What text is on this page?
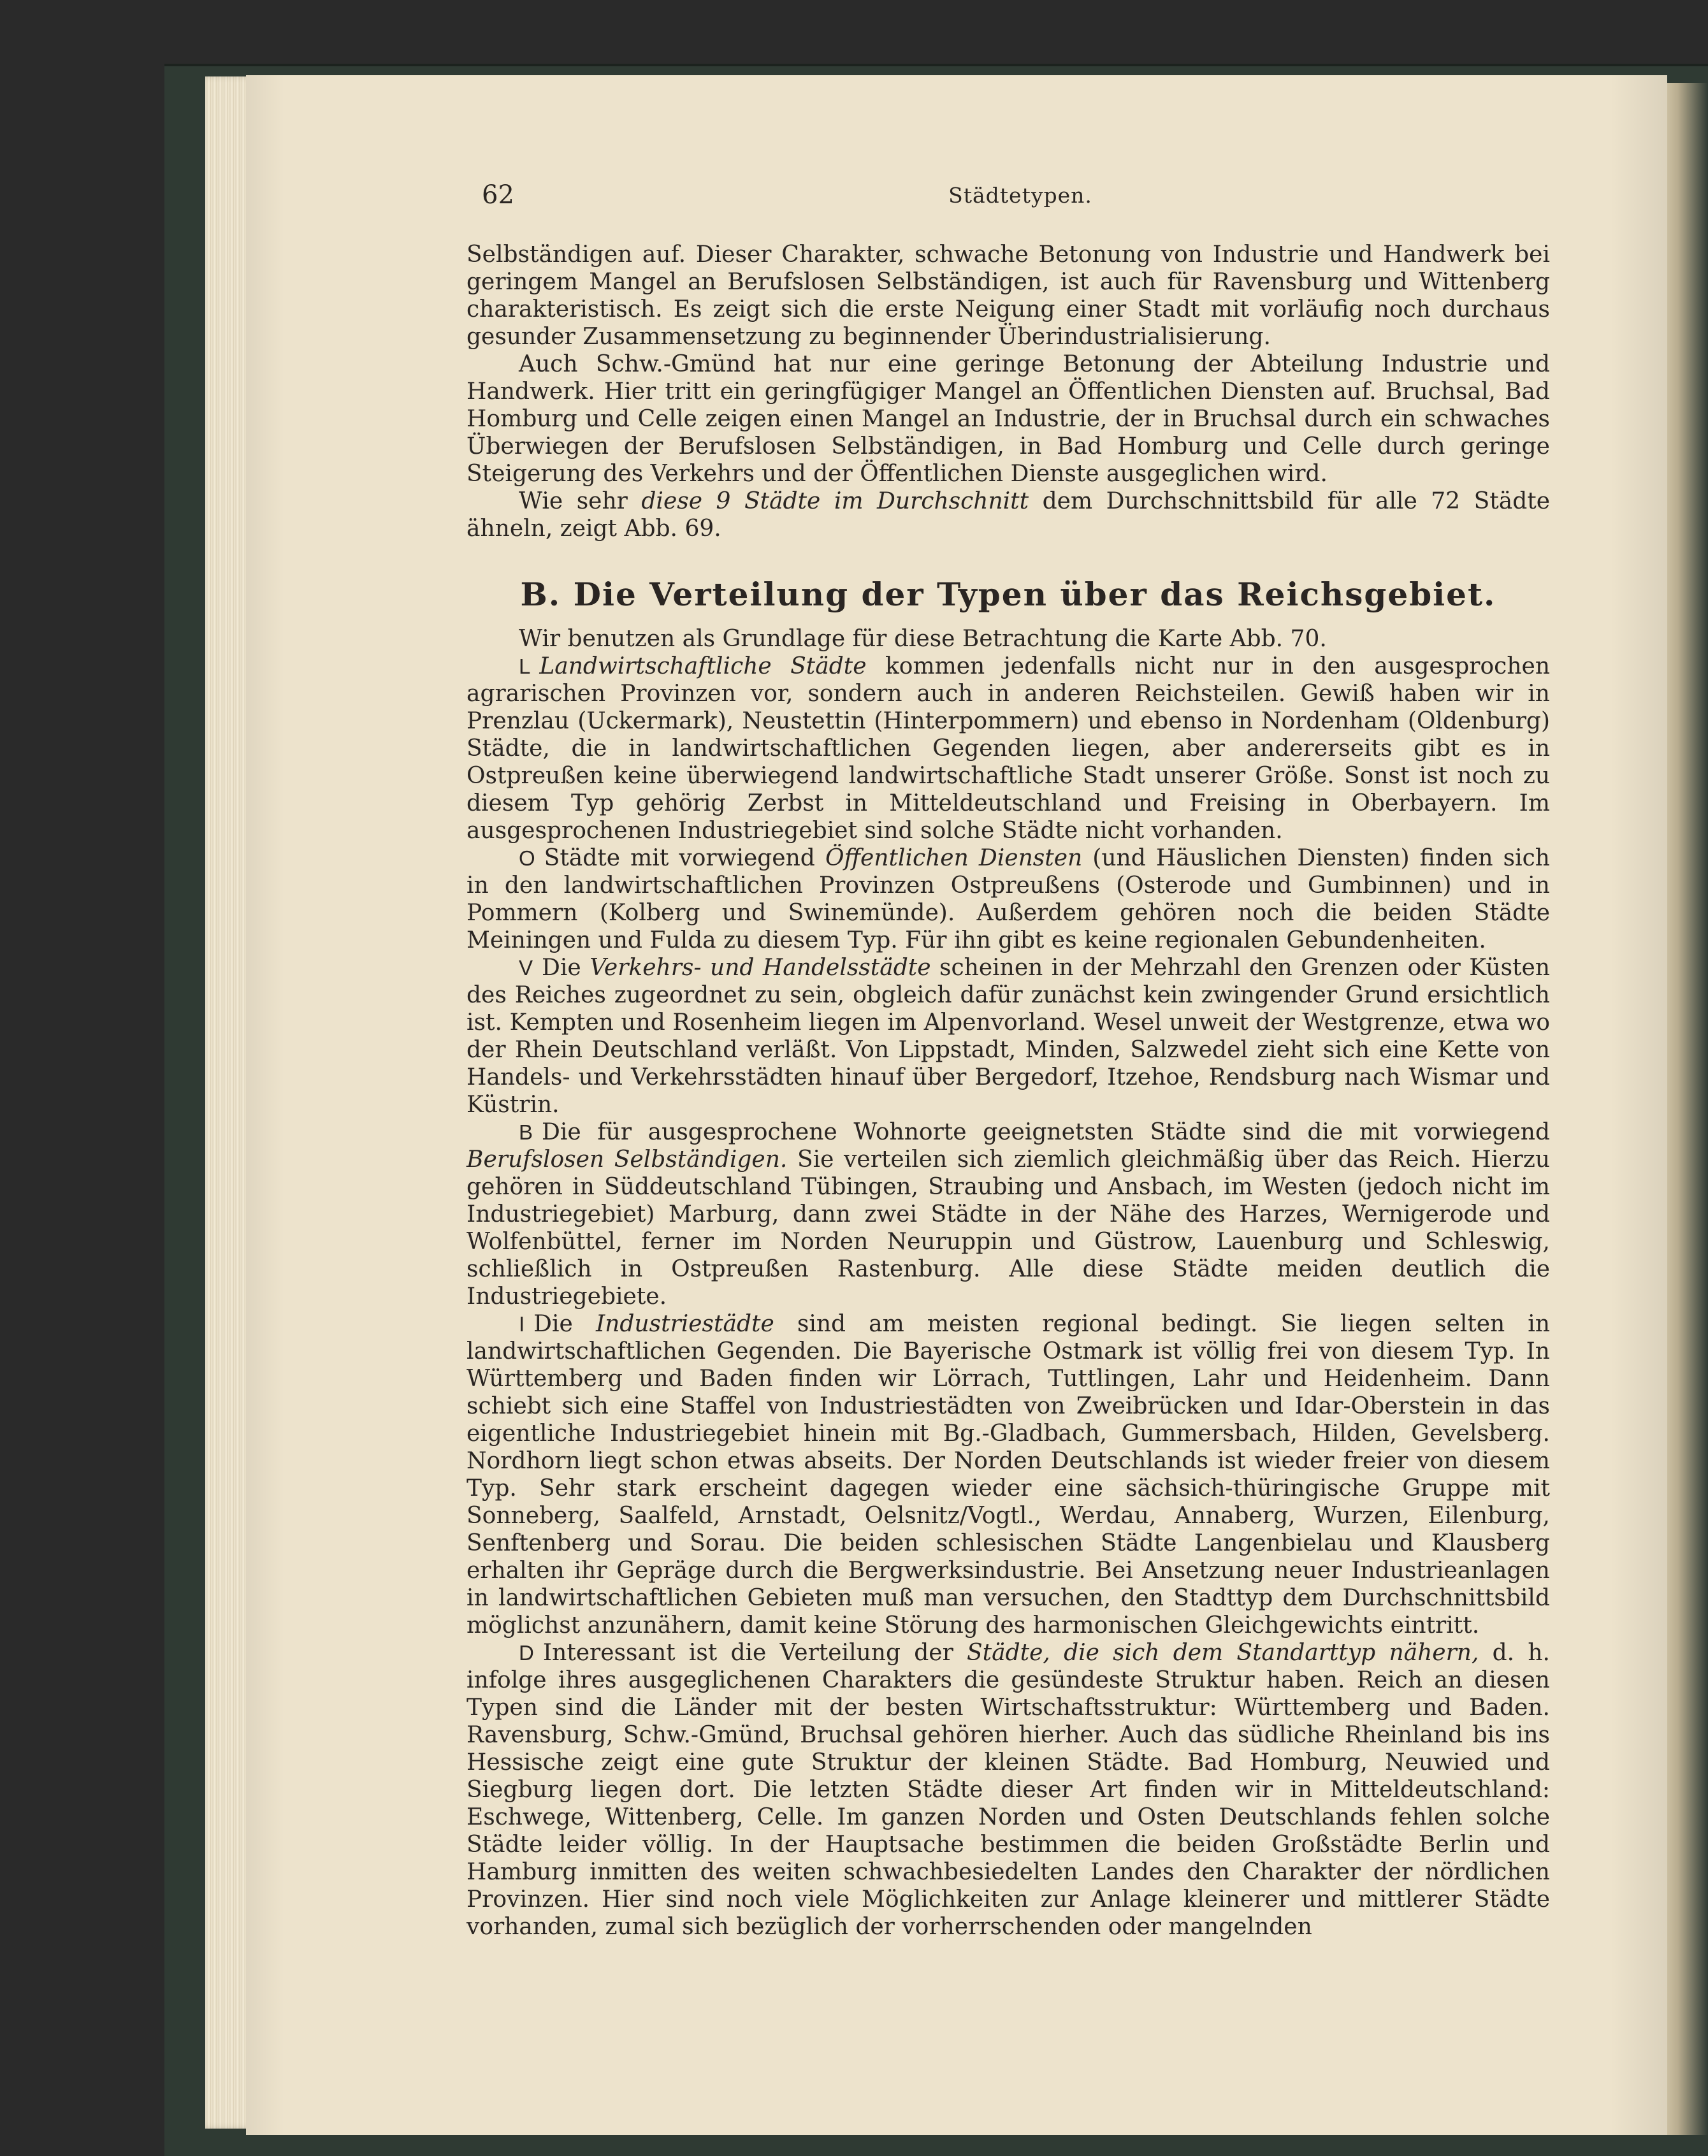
62	Städtetypen.

Selbständigen auf. Dieser Charakter, schwache Betonung von Industrie und Handwerk bei geringem Mangel an Berufslosen Selbständigen, ist auch für Ravensburg und Wittenberg charakteristisch. Es zeigt sich die erste Neigung einer Stadt mit vorläufig noch durchaus gesunder Zusammensetzung zu beginnender Überindustrialisierung.

Auch Schw.-Gmünd hat nur eine geringe Betonung der Abteilung Industrie und Handwerk. Hier tritt ein geringfügiger Mangel an Öffentlichen Diensten auf. Bruchsal, Bad Homburg und Celle zeigen einen Mangel an Industrie, der in Bruchsal durch ein schwaches Überwiegen der Berufslosen Selbständigen, in Bad Homburg und Celle durch geringe Steigerung des Verkehrs und der Öffentlichen Dienste ausgeglichen wird.

Wie sehr diese 9 Städte im Durchschnitt dem Durchschnittsbild für alle 72 Städte ähneln, zeigt Abb. 69.

B. Die Verteilung der Typen über das Reichsgebiet.

Wir benutzen als Grundlage für diese Betrachtung die Karte Abb. 70.

L Landwirtschaftliche Städte kommen jedenfalls nicht nur in den ausgesprochen agrarischen Provinzen vor, sondern auch in anderen Reichsteilen. Gewiß haben wir in Prenzlau (Uckermark), Neustettin (Hinterpommern) und ebenso in Nordenham (Oldenburg) Städte, die in landwirtschaftlichen Gegenden liegen, aber andererseits gibt es in Ostpreußen keine überwiegend landwirtschaftliche Stadt unserer Größe. Sonst ist noch zu diesem Typ gehörig Zerbst in Mitteldeutschland und Freising in Oberbayern. Im ausgesprochenen Industriegebiet sind solche Städte nicht vorhanden.

O Städte mit vorwiegend Öffentlichen Diensten (und Häuslichen Diensten) finden sich in den landwirtschaftlichen Provinzen Ostpreußens (Osterode und Gumbinnen) und in Pommern (Kolberg und Swinemünde). Außerdem gehören noch die beiden Städte Meiningen und Fulda zu diesem Typ. Für ihn gibt es keine regionalen Gebundenheiten.

V Die Verkehrs- und Handelsstädte scheinen in der Mehrzahl den Grenzen oder Küsten des Reiches zugeordnet zu sein, obgleich dafür zunächst kein zwingender Grund ersichtlich ist. Kempten und Rosenheim liegen im Alpenvorland. Wesel unweit der Westgrenze, etwa wo der Rhein Deutschland verläßt. Von Lippstadt, Minden, Salzwedel zieht sich eine Kette von Handels- und Verkehrsstädten hinauf über Bergedorf, Itzehoe, Rendsburg nach Wismar und Küstrin.

B Die für ausgesprochene Wohnorte geeignetsten Städte sind die mit vorwiegend Berufslosen Selbständigen. Sie verteilen sich ziemlich gleichmäßig über das Reich. Hierzu gehören in Süddeutschland Tübingen, Straubing und Ansbach, im Westen (jedoch nicht im Industriegebiet) Marburg, dann zwei Städte in der Nähe des Harzes, Wernigerode und Wolfenbüttel, ferner im Norden Neuruppin und Güstrow, Lauenburg und Schleswig, schließlich in Ostpreußen Rastenburg. Alle diese Städte meiden deutlich die Industriegebiete.

I Die Industriestädte sind am meisten regional bedingt. Sie liegen selten in landwirtschaftlichen Gegenden. Die Bayerische Ostmark ist völlig frei von diesem Typ. In Württemberg und Baden finden wir Lörrach, Tuttlingen, Lahr und Heidenheim. Dann schiebt sich eine Staffel von Industriestädten von Zweibrücken und Idar-Oberstein in das eigentliche Industriegebiet hinein mit Bg.-Gladbach, Gummersbach, Hilden, Gevelsberg. Nordhorn liegt schon etwas abseits. Der Norden Deutschlands ist wieder freier von diesem Typ. Sehr stark erscheint dagegen wieder eine sächsich-thüringische Gruppe mit Sonneberg, Saalfeld, Arnstadt, Oelsnitz/Vogtl., Werdau, Annaberg, Wurzen, Eilenburg, Senftenberg und Sorau. Die beiden schlesischen Städte Langenbielau und Klausberg erhalten ihr Gepräge durch die Bergwerksindustrie. Bei Ansetzung neuer Industrieanlagen in landwirtschaftlichen Gebieten muß man versuchen, den Stadttyp dem Durchschnittsbild möglichst anzunähern, damit keine Störung des harmonischen Gleichgewichts eintritt.

D Interessant ist die Verteilung der Städte, die sich dem Standarttyp nähern, d. h. infolge ihres ausgeglichenen Charakters die gesündeste Struktur haben. Reich an diesen Typen sind die Länder mit der besten Wirtschaftsstruktur: Württemberg und Baden. Ravensburg, Schw.-Gmünd, Bruchsal gehören hierher. Auch das südliche Rheinland bis ins Hessische zeigt eine gute Struktur der kleinen Städte. Bad Homburg, Neuwied und Siegburg liegen dort. Die letzten Städte dieser Art finden wir in Mitteldeutschland: Eschwege, Wittenberg, Celle. Im ganzen Norden und Osten Deutschlands fehlen solche Städte leider völlig. In der Hauptsache bestimmen die beiden Großstädte Berlin und Hamburg inmitten des weiten schwachbesiedelten Landes den Charakter der nördlichen Provinzen. Hier sind noch viele Möglichkeiten zur Anlage kleinerer und mittlerer Städte vorhanden, zumal sich bezüglich der vorherrschenden oder mangelnden
